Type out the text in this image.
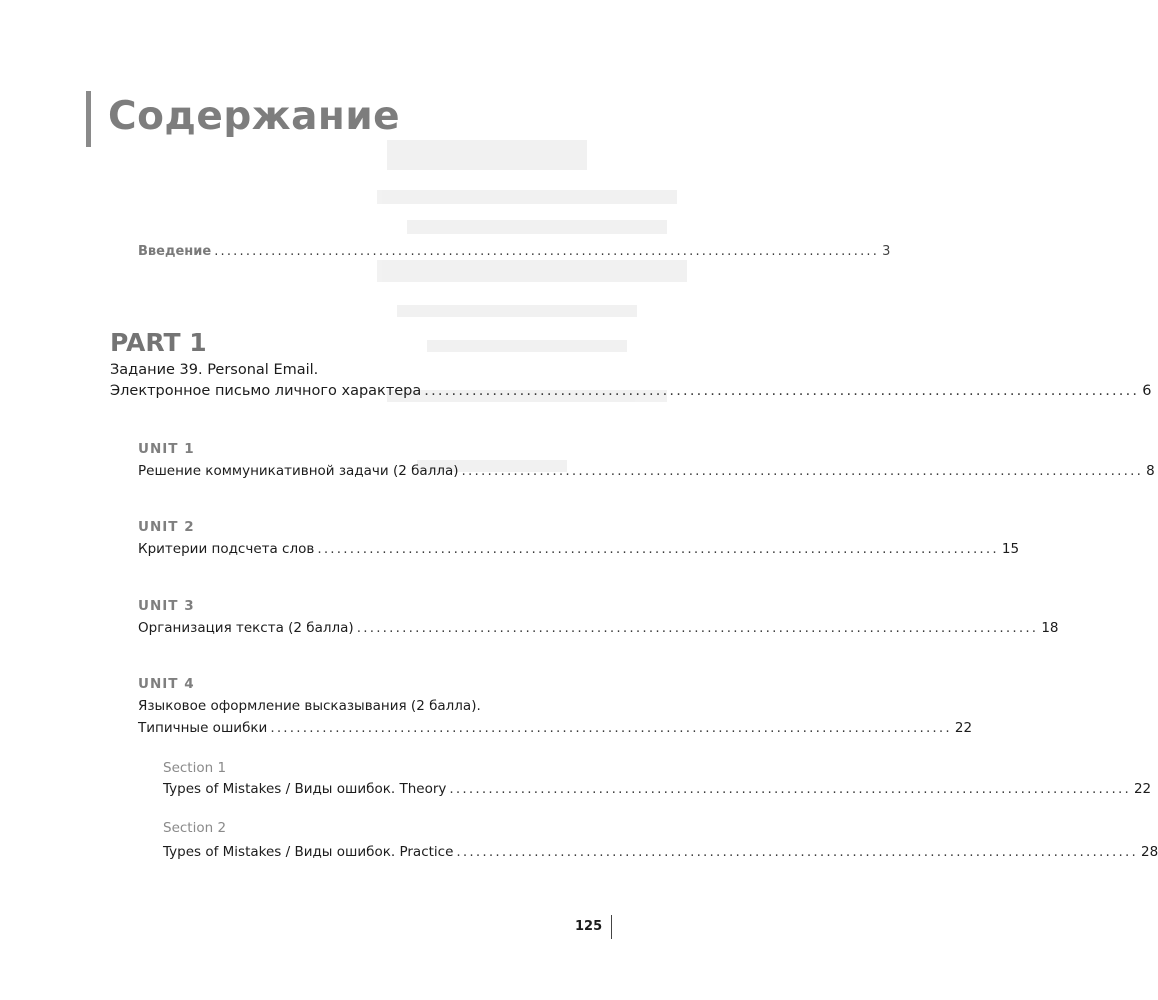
Содержание
Введение ......................................................................................................... 3
PART 1
Задание 39. Personal Email.
Электронное письмо личного характера ......................................................................................................... 6
UNIT 1
Решение коммуникативной задачи (2 балла) ......................................................................................................... 8
UNIT 2
Критерии подсчета слов ......................................................................................................... 15
UNIT 3
Организация текста (2 балла) ......................................................................................................... 18
UNIT 4
Языковое оформление высказывания (2 балла).
Типичные ошибки ......................................................................................................... 22
Section 1
Types of Mistakes / Виды ошибок. Theory ......................................................................................................... 22
Section 2
Types of Mistakes / Виды ошибок. Practice ......................................................................................................... 28
125
